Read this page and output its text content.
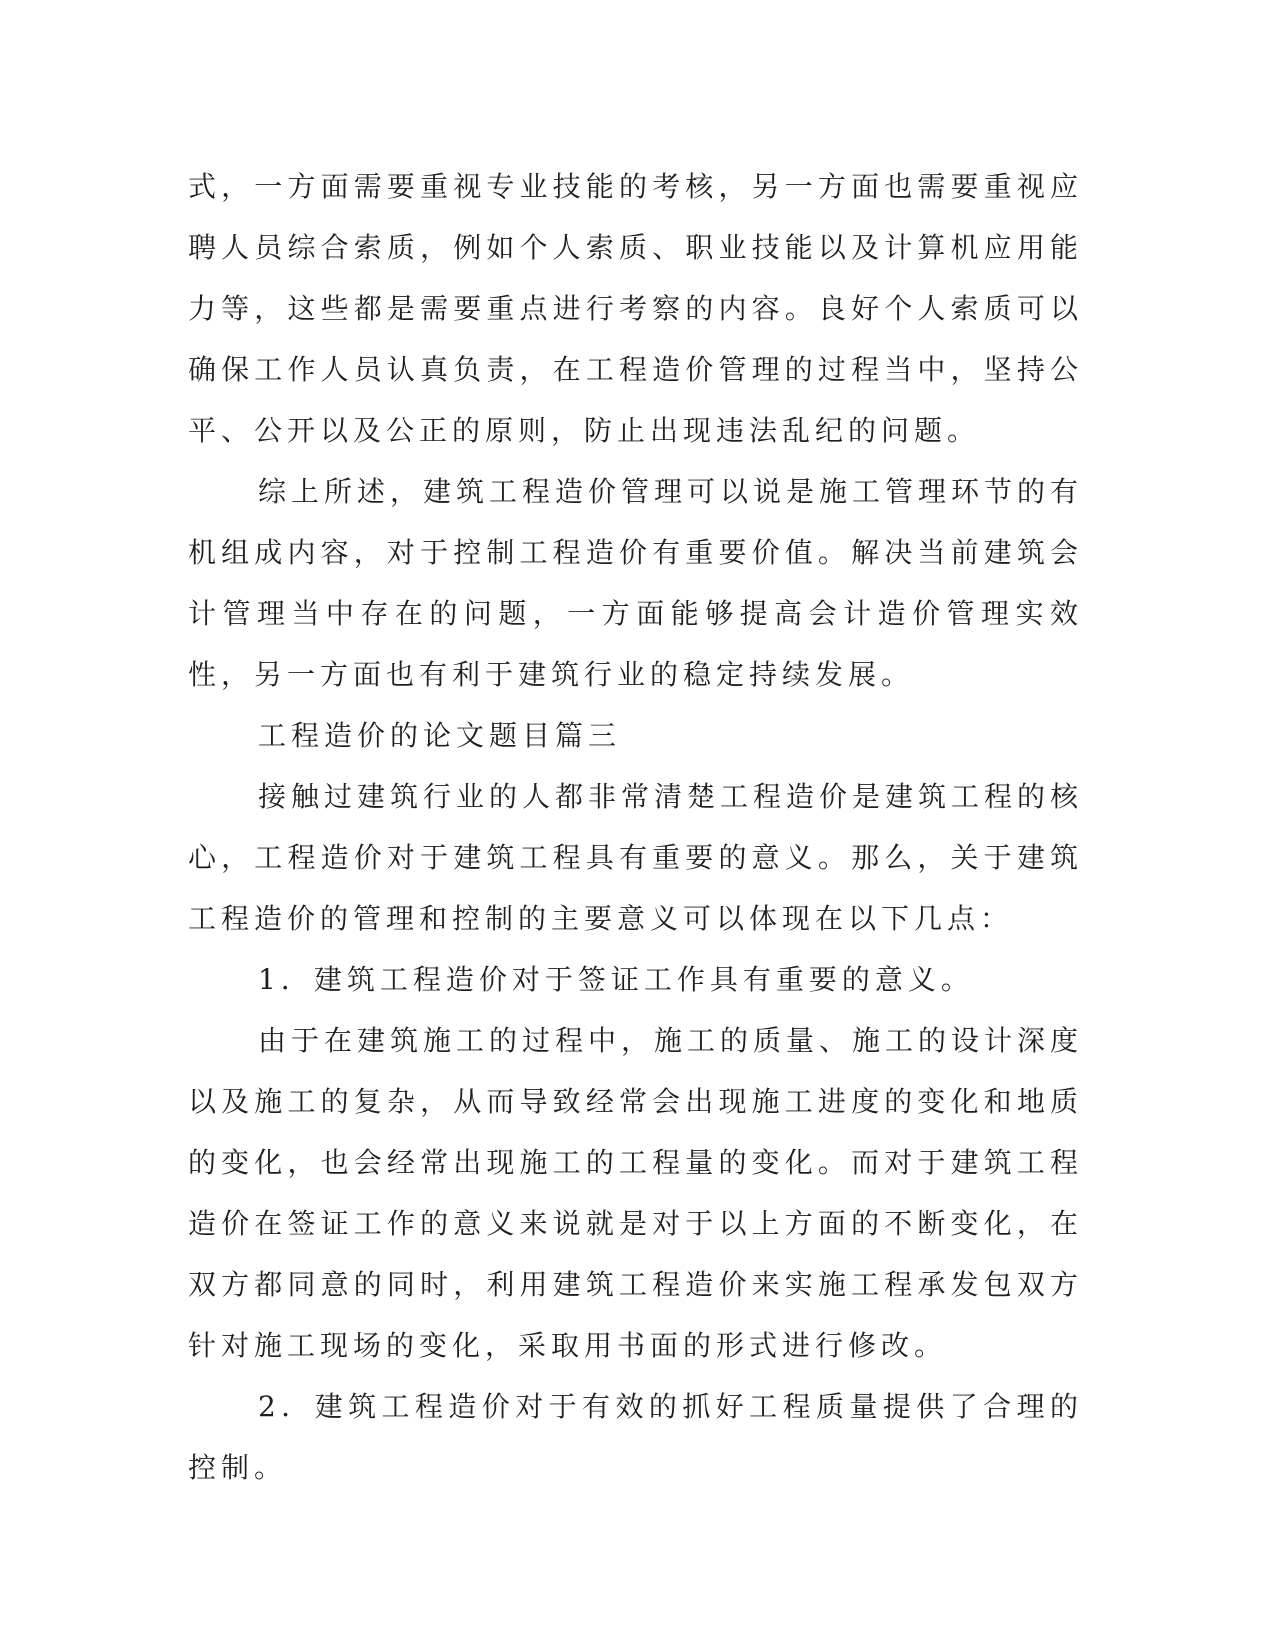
式，一方面需要重视专业技能的考核，另一方面也需要重视应聘人员综合索质，例如个人索质、职业技能以及计算机应用能力等，这些都是需要重点进行考察的内容。良好个人索质可以确保工作人员认真负责，在工程造价管理的过程当中，坚持公平、公开以及公正的原则，防止出现违法乱纪的问题。

综上所述，建筑工程造价管理可以说是施工管理环节的有机组成内容，对于控制工程造价有重要价值。解决当前建筑会计管理当中存在的问题，一方面能够提高会计造价管理实效性，另一方面也有利于建筑行业的稳定持续发展。

工程造价的论文题目篇三

接触过建筑行业的人都非常清楚工程造价是建筑工程的核心，工程造价对于建筑工程具有重要的意义。那么，关于建筑工程造价的管理和控制的主要意义可以体现在以下几点：

1．建筑工程造价对于签证工作具有重要的意义。

由于在建筑施工的过程中，施工的质量、施工的设计深度以及施工的复杂，从而导致经常会出现施工进度的变化和地质的变化，也会经常出现施工的工程量的变化。而对于建筑工程造价在签证工作的意义来说就是对于以上方面的不断变化，在双方都同意的同时，利用建筑工程造价来实施工程承发包双方针对施工现场的变化，采取用书面的形式进行修改。

2．建筑工程造价对于有效的抓好工程质量提供了合理的控制。
